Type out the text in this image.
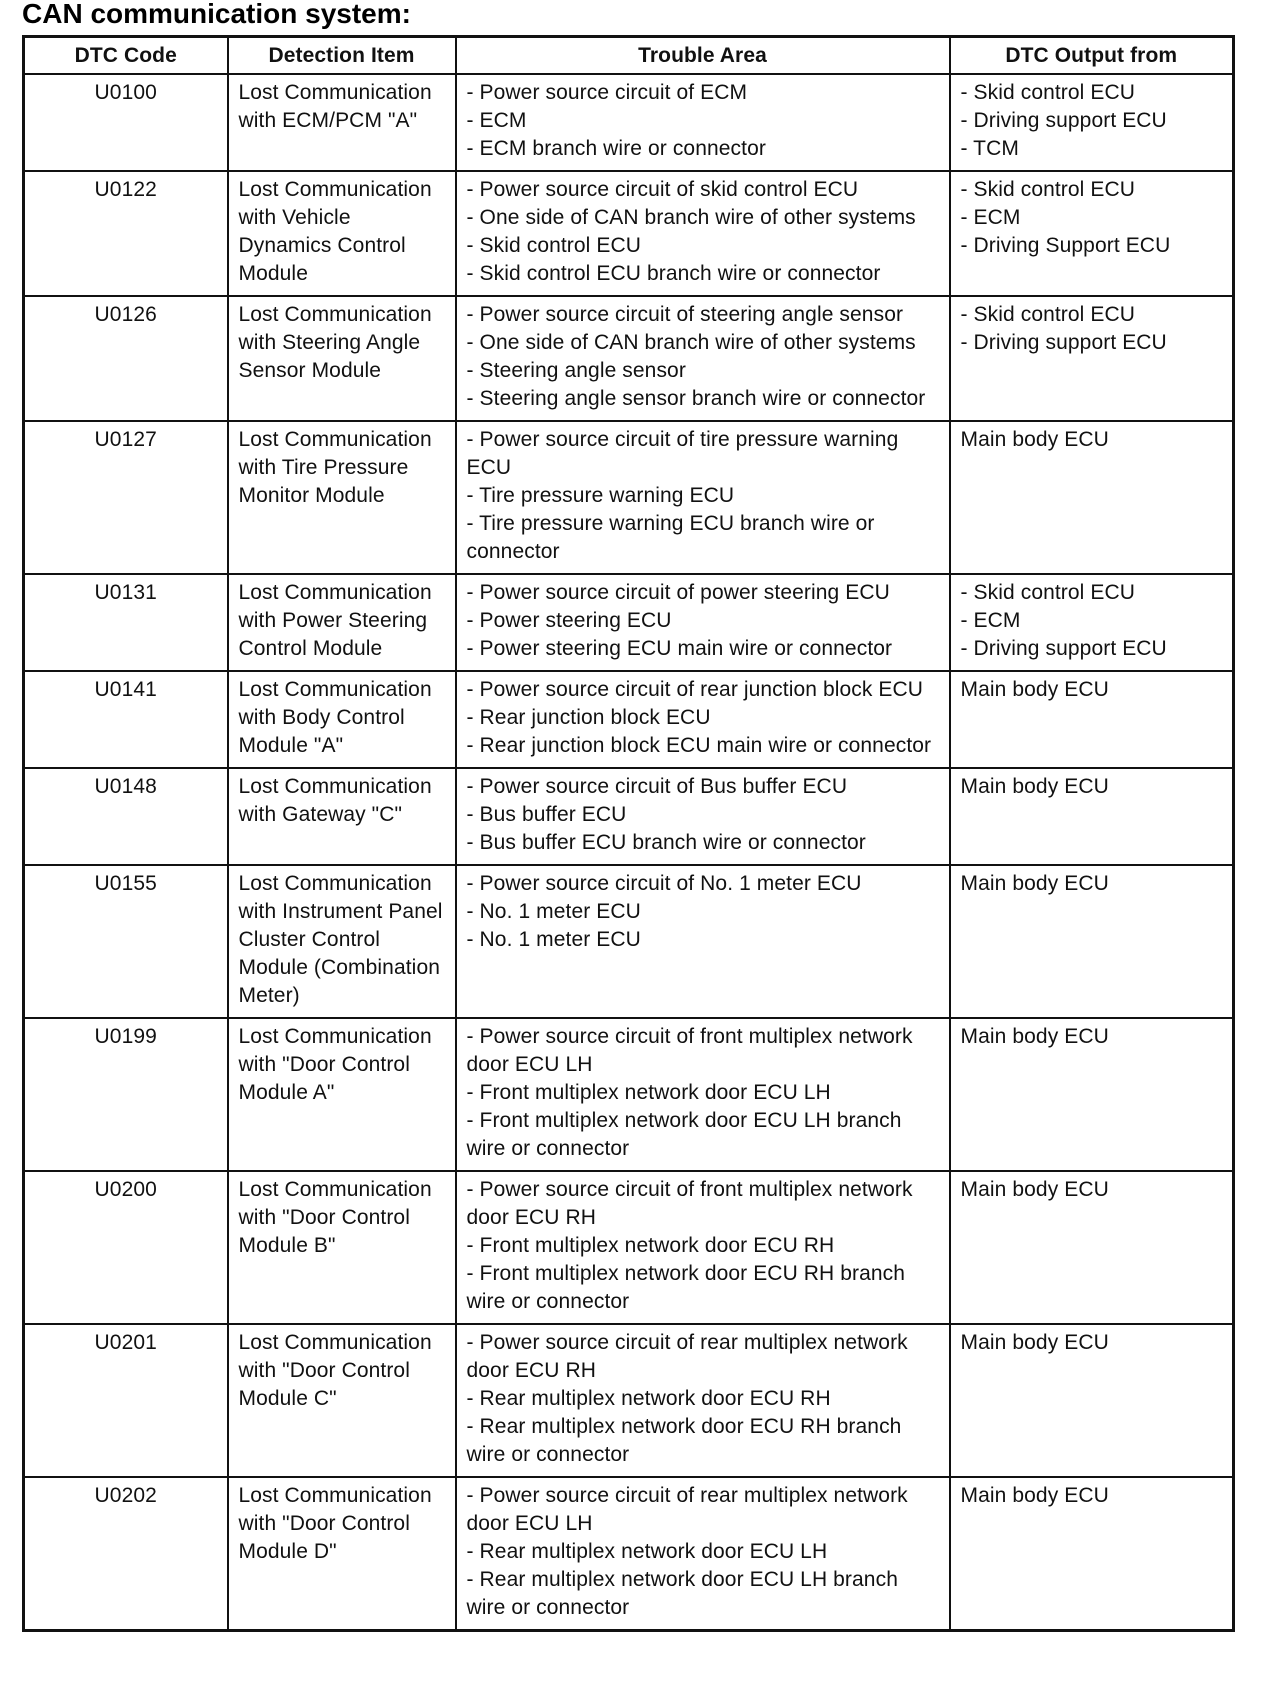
CAN communication system:
DTC Code	Detection Item	Trouble Area	DTC Output from
U0100	Lost Communication with ECM/PCM "A"	- Power source circuit of ECM
- ECM
- ECM branch wire or connector	- Skid control ECU
- Driving support ECU
- TCM

U0122	Lost Communication with Vehicle Dynamics Control Module	- Power source circuit of skid control ECU
- One side of CAN branch wire of other systems
- Skid control ECU
- Skid control ECU branch wire or connector	- Skid control ECU
- ECM
- Driving Support ECU

U0126	Lost Communication with Steering Angle Sensor Module	- Power source circuit of steering angle sensor
- One side of CAN branch wire of other systems
- Steering angle sensor
- Steering angle sensor branch wire or connector	- Skid control ECU
- Driving support ECU

U0127	Lost Communication with Tire Pressure Monitor Module	- Power source circuit of tire pressure warning ECU
- Tire pressure warning ECU
- Tire pressure warning ECU branch wire or connector	Main body ECU

U0131	Lost Communication with Power Steering Control Module	- Power source circuit of power steering ECU
- Power steering ECU
- Power steering ECU main wire or connector	- Skid control ECU
- ECM
- Driving support ECU

U0141	Lost Communication with Body Control Module "A"	- Power source circuit of rear junction block ECU
- Rear junction block ECU
- Rear junction block ECU main wire or connector	Main body ECU

U0148	Lost Communication with Gateway "C"	- Power source circuit of Bus buffer ECU
- Bus buffer ECU
- Bus buffer ECU branch wire or connector	Main body ECU

U0155	Lost Communication with Instrument Panel Cluster Control Module (Combination Meter)	- Power source circuit of No. 1 meter ECU
- No. 1 meter ECU
- No. 1 meter ECU	Main body ECU

U0199	Lost Communication with "Door Control Module A"	- Power source circuit of front multiplex network door ECU LH
- Front multiplex network door ECU LH
- Front multiplex network door ECU LH branch wire or connector	Main body ECU

U0200	Lost Communication with "Door Control Module B"	- Power source circuit of front multiplex network door ECU RH
- Front multiplex network door ECU RH
- Front multiplex network door ECU RH branch wire or connector	Main body ECU

U0201	Lost Communication with "Door Control Module C"	- Power source circuit of rear multiplex network door ECU RH
- Rear multiplex network door ECU RH
- Rear multiplex network door ECU RH branch wire or connector	Main body ECU

U0202	Lost Communication with "Door Control Module D"	- Power source circuit of rear multiplex network door ECU LH
- Rear multiplex network door ECU LH
- Rear multiplex network door ECU LH branch wire or connector	Main body ECU
